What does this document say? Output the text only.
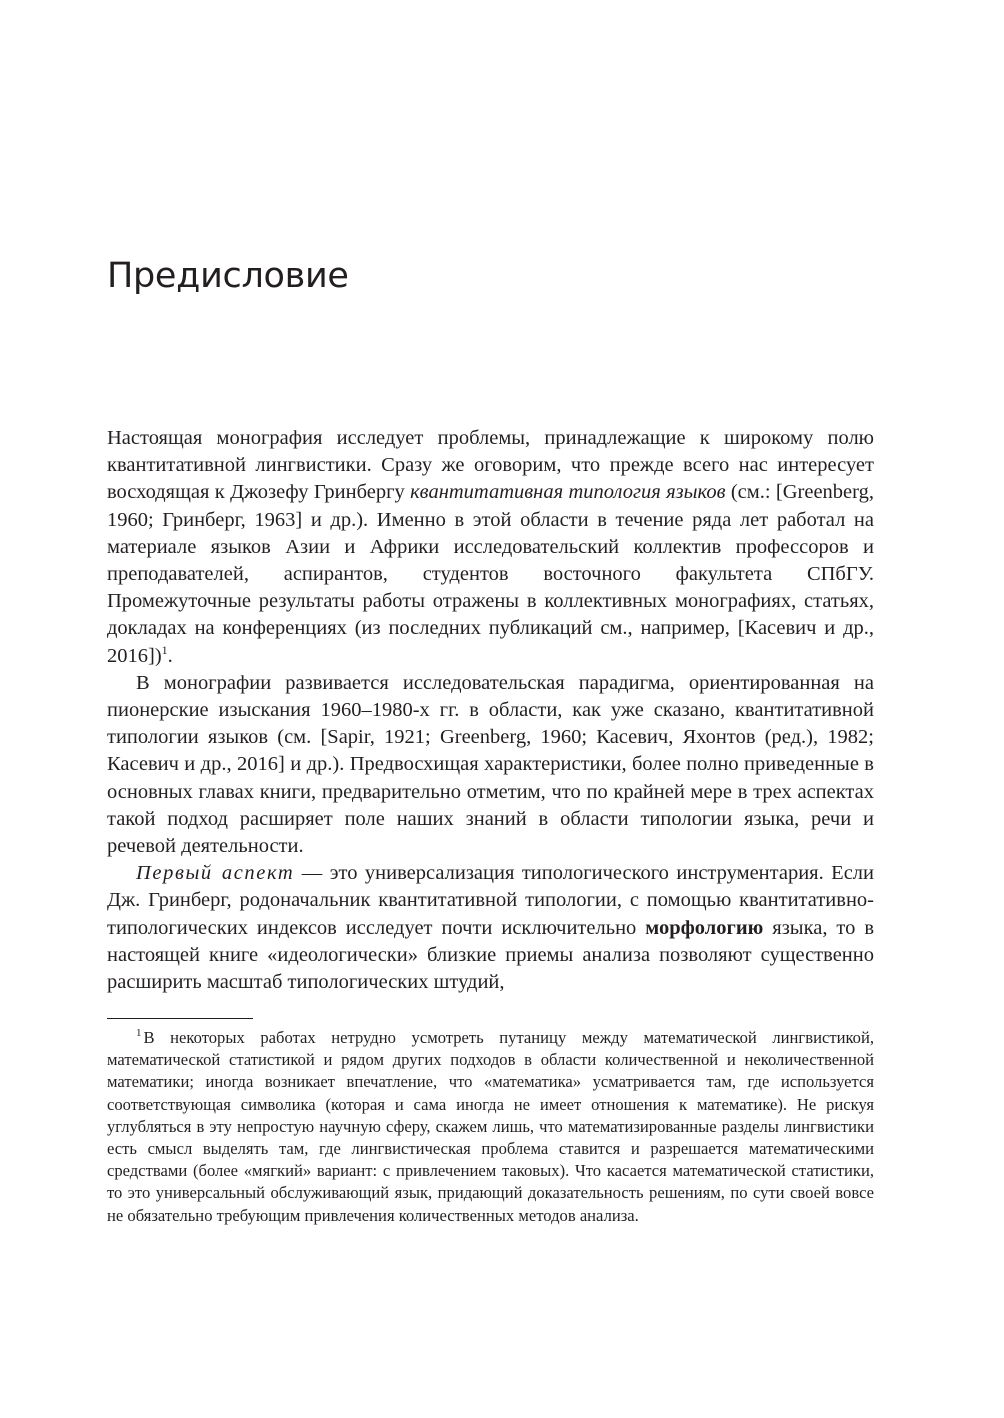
Предисловие

Настоящая монография исследует проблемы, принадлежащие к широкому полю квантитативной лингвистики. Сразу же оговорим, что прежде всего нас интересует восходящая к Джозефу Гринбергу квантитативная типология языков (см.: [Greenberg, 1960; Гринберг, 1963] и др.). Именно в этой области в течение ряда лет работал на материале языков Азии и Африки исследовательский коллектив профессоров и преподавателей, аспирантов, студентов восточного факультета СПбГУ. Промежуточные результаты работы отражены в коллективных монографиях, статьях, докладах на конференциях (из последних публикаций см., например, [Касевич и др., 2016])$^1$.

В монографии развивается исследовательская парадигма, ориентированная на пионерские изыскания 1960–1980-х гг. в области, как уже сказано, квантитативной типологии языков (см. [Sapir, 1921; Greenberg, 1960; Касевич, Яхонтов (ред.), 1982; Касевич и др., 2016] и др.). Предвосхищая характеристики, более полно приведенные в основных главах книги, предварительно отметим, что по крайней мере в трех аспектах такой подход расширяет поле наших знаний в области типологии языка, речи и речевой деятельности.

Первый аспект — это универсализация типологического инструментария. Если Дж. Гринберг, родоначальник квантитативной типологии, с помощью квантитативно-типологических индексов исследует почти исключительно морфологию языка, то в настоящей книге «идеологически» близкие приемы анализа позволяют существенно расширить масштаб типологических штудий,

$^1$ В некоторых работах нетрудно усмотреть путаницу между математической лингвистикой, математической статистикой и рядом других подходов в области количественной и неколичественной математики; иногда возникает впечатление, что «математика» усматривается там, где используется соответствующая символика (которая и сама иногда не имеет отношения к математике). Не рискуя углубляться в эту непростую научную сферу, скажем лишь, что математизированные разделы лингвистики есть смысл выделять там, где лингвистическая проблема ставится и разрешается математическими средствами (более «мягкий» вариант: с привлечением таковых). Что касается математической статистики, то это универсальный обслуживающий язык, придающий доказательность решениям, по сути своей вовсе не обязательно требующим привлечения количественных методов анализа.
